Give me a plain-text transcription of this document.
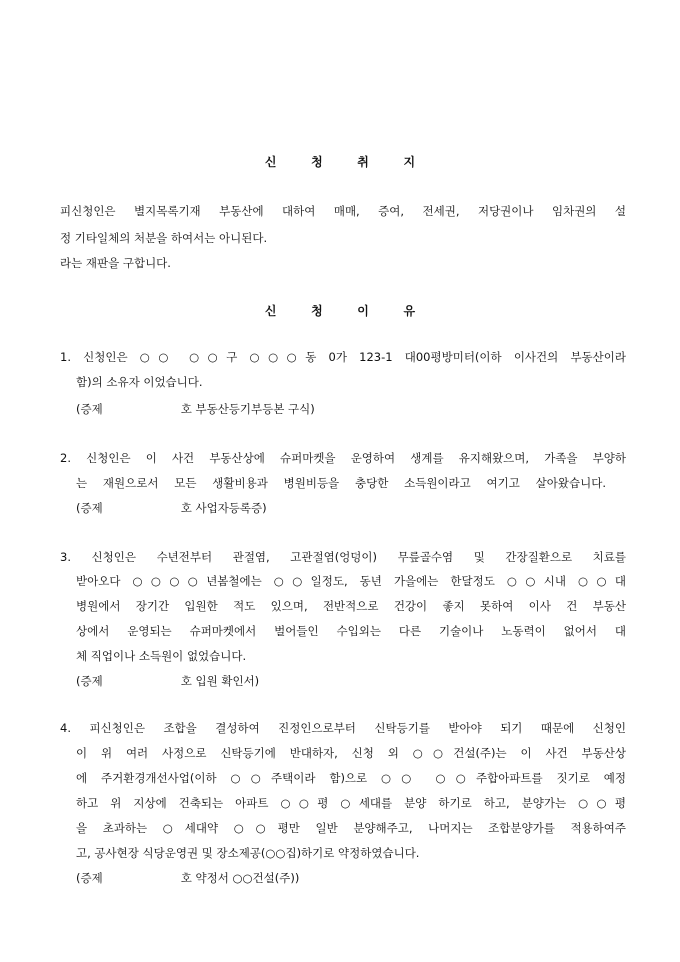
신	청	취	지
피신청인은 별지목록기재 부동산에 대하여 매매, 증여, 전세권, 저당권이나 임차권의 설
정 기타일체의 처분을 하여서는 아니된다.
라는 재판을 구합니다.
신	청	이	유
1. 신청인은 ○○ ○○구 ○○○동 0가 123-1 대00평방미터(이하 이사건의 부동산이라
함)의 소유자 이었습니다.
(증제	호 부동산등기부등본 구식)
2. 신청인은 이 사건 부동산상에 슈퍼마켓을 운영하여 생계를 유지해왔으며, 가족을 부양하
는 재원으로서 모든 생활비용과 병원비등을 충당한 소득원이라고 여기고 살아왔습니다.
(증제	호 사업자등록증)
3. 신청인은 수년전부터 관절염, 고관절염(엉덩이) 무릎골수염 및 간장질환으로 치료를
받아오다 ○○○○년봄철에는 ○○일정도, 동년 가을에는 한달정도 ○○시내 ○○대
병원에서 장기간 입원한 적도 있으며, 전반적으로 건강이 좋지 못하여 이사 건 부동산
상에서 운영되는 슈퍼마켓에서 벌어들인 수입외는 다른 기술이나 노동력이 없어서 대
체 직업이나 소득원이 없었습니다.
(증제	호 입원 확인서)
4. 피신청인은 조합을 결성하여 진정인으로부터 신탁등기를 받아야 되기 때문에 신청인
이 위 여러 사정으로 신탁등기에 반대하자, 신청 외 ○○건설(주)는 이 사건 부동산상
에 주거환경개선사업(이하 ○○주택이라 함)으로 ○○ ○○주합아파트를 짓기로 예정
하고 위 지상에 건축되는 아파트 ○○평 ○세대를 분양 하기로 하고, 분양가는 ○○평
을 초과하는 ○세대약 ○○평만 일반 분양해주고, 나머지는 조합분양가를 적용하여주
고, 공사현장 식당운영권 및 장소제공(○○집)하기로 약정하였습니다.
(증제	호 약정서 ○○건설(주))
